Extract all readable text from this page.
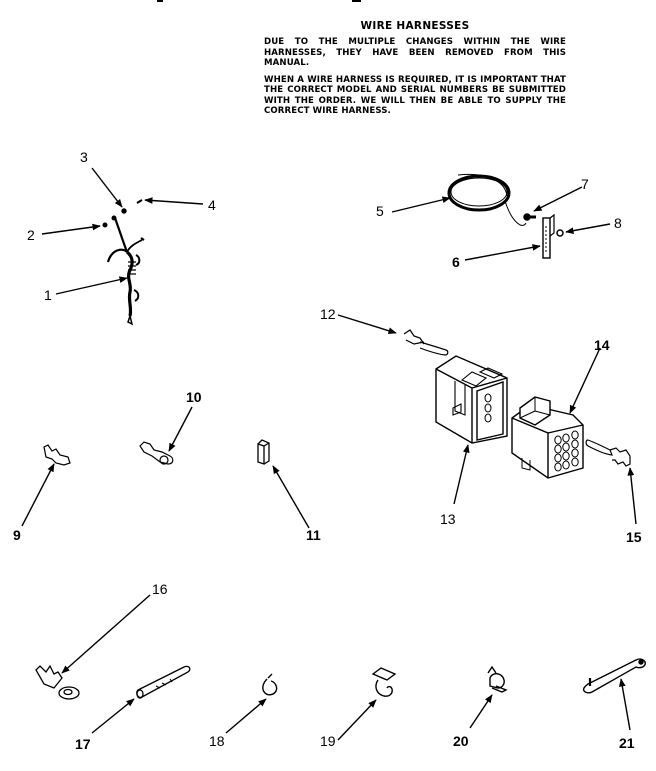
WIRE HARNESSES

DUE TO THE MULTIPLE CHANGES WITHIN THE WIRE HARNESSES, THEY HAVE BEEN REMOVED FROM THIS MANUAL.

WHEN A WIRE HARNESS IS REQUIRED, IT IS IMPORTANT THAT THE CORRECT MODEL AND SERIAL NUMBERS BE SUBMITTED WITH THE ORDER. WE WILL THEN BE ABLE TO SUPPLY THE CORRECT WIRE HARNESS.

3
2
4
1
5
7
8
6
12
14
10
13
9	11	15
16
17	18	19	20	21
